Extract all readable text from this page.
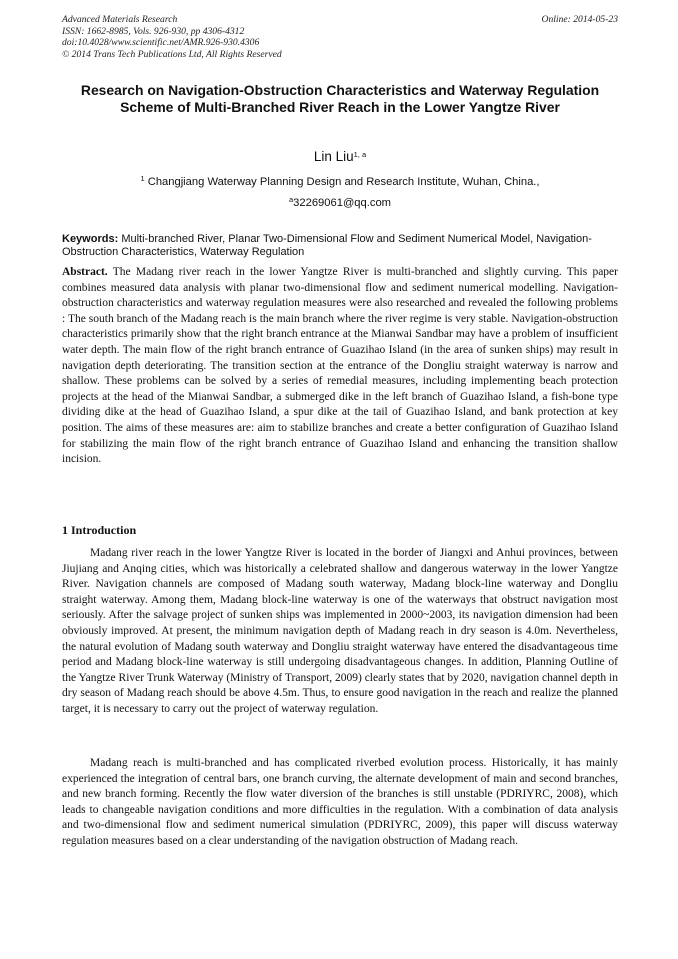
Advanced Materials Research
ISSN: 1662-8985, Vols. 926-930, pp 4306-4312
doi:10.4028/www.scientific.net/AMR.926-930.4306
© 2014 Trans Tech Publications Ltd, All Rights Reserved
Online: 2014-05-23
Research on Navigation-Obstruction Characteristics and Waterway Regulation Scheme of Multi-Branched River Reach in the Lower Yangtze River
Lin Liu$^{1, a}$
$^1$ Changjiang Waterway Planning Design and Research Institute, Wuhan, China.,
$^a$32269061@qq.com
Keywords: Multi-branched River, Planar Two-Dimensional Flow and Sediment Numerical Model, Navigation-Obstruction Characteristics, Waterway Regulation
Abstract. The Madang river reach in the lower Yangtze River is multi-branched and slightly curving. This paper combines measured data analysis with planar two-dimensional flow and sediment numerical modelling. Navigation-obstruction characteristics and waterway regulation measures were also researched and revealed the following problems : The south branch of the Madang reach is the main branch where the river regime is very stable. Navigation-obstruction characteristics primarily show that the right branch entrance at the Mianwai Sandbar may have a problem of insufficient water depth. The main flow of the right branch entrance of Guazihao Island (in the area of sunken ships) may result in navigation depth deteriorating. The transition section at the entrance of the Dongliu straight waterway is narrow and shallow. These problems can be solved by a series of remedial measures, including implementing beach protection projects at the head of the Mianwai Sandbar, a submerged dike in the left branch of Guazihao Island, a fish-bone type dividing dike at the head of Guazihao Island, a spur dike at the tail of Guazihao Island, and bank protection at key position. The aims of these measures are: aim to stabilize branches and create a better configuration of Guazihao Island for stabilizing the main flow of the right branch entrance of Guazihao Island and enhancing the transition shallow incision.
1 Introduction
Madang river reach in the lower Yangtze River is located in the border of Jiangxi and Anhui provinces, between Jiujiang and Anqing cities, which was historically a celebrated shallow and dangerous waterway in the lower Yangtze River. Navigation channels are composed of Madang south waterway, Madang block-line waterway and Dongliu straight waterway. Among them, Madang block-line waterway is one of the waterways that obstruct navigation most seriously. After the salvage project of sunken ships was implemented in 2000~2003, its navigation dimension had been obviously improved. At present, the minimum navigation depth of Madang reach in dry season is 4.0m. Nevertheless, the natural evolution of Madang south waterway and Dongliu straight waterway have entered the disadvantageous time period and Madang block-line waterway is still undergoing disadvantageous changes. In addition, Planning Outline of the Yangtze River Trunk Waterway (Ministry of Transport, 2009) clearly states that by 2020, navigation channel depth in dry season of Madang reach should be above 4.5m. Thus, to ensure good navigation in the reach and realize the planned target, it is necessary to carry out the project of waterway regulation.
Madang reach is multi-branched and has complicated riverbed evolution process. Historically, it has mainly experienced the integration of central bars, one branch curving, the alternate development of main and second branches, and new branch forming. Recently the flow water diversion of the branches is still unstable (PDRIYRC, 2008), which leads to changeable navigation conditions and more difficulties in the regulation. With a combination of data analysis and two-dimensional flow and sediment numerical simulation (PDRIYRC, 2009), this paper will discuss waterway regulation measures based on a clear understanding of the navigation obstruction of Madang reach.
